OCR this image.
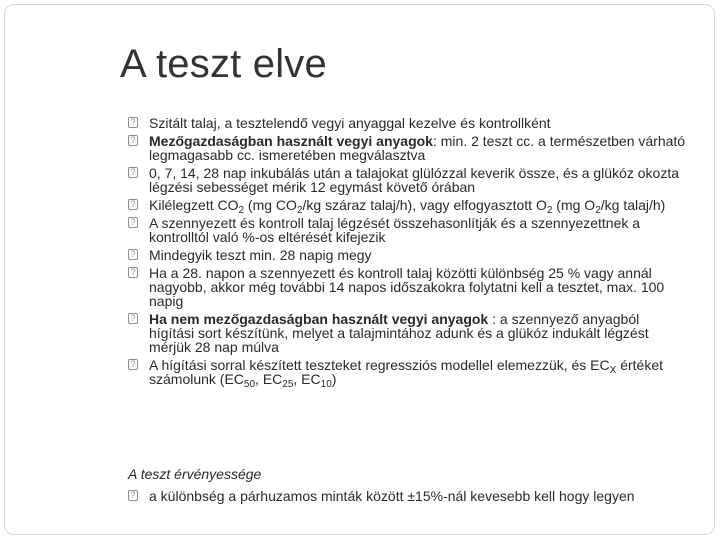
A teszt elve
? Szitált talaj, a tesztelendő vegyi anyaggal kezelve és kontrollként
? Mezőgazdaságban használt vegyi anyagok: min. 2 teszt cc. a természetben várható legmagasabb cc. ismeretében megválasztva
? 0, 7, 14, 28 nap inkubálás után a talajokat glülózzal keverik össze, és a glükóz okozta légzési sebességet mérik 12 egymást követő órában
? Kilélegzett $CO_2$ (mg $CO_2/kg$ száraz talaj/h), vagy elfogyasztott $O_2$ (mg $O_2/kg$ talaj/h)
? A szennyezett és kontroll talaj légzését összehasonlítják és a szennyezettnek a kontrolltól való %-os eltérését kifejezik
? Mindegyik teszt min. 28 napig megy
? Ha a 28. napon a szennyezett és kontroll talaj közötti különbség 25 % vagy annál nagyobb, akkor még további 14 napos időszakokra folytatni kell a tesztet, max. 100 napig
? Ha nem mezőgazdaságban használt vegyi anyagok : a szennyező anyagból hígítási sort készítünk, melyet a talajmintához adunk és a glükóz indukált légzést mérjük 28 nap múlva
? A hígítási sorral készített teszteket regressziós modellel elemezzük, és $EC_X$ értéket számolunk ($EC_{50}$, $EC_{25}$, $EC_{10}$)
A teszt érvényessége
? a különbség a párhuzamos minták között ±15%-nál kevesebb kell hogy legyen
